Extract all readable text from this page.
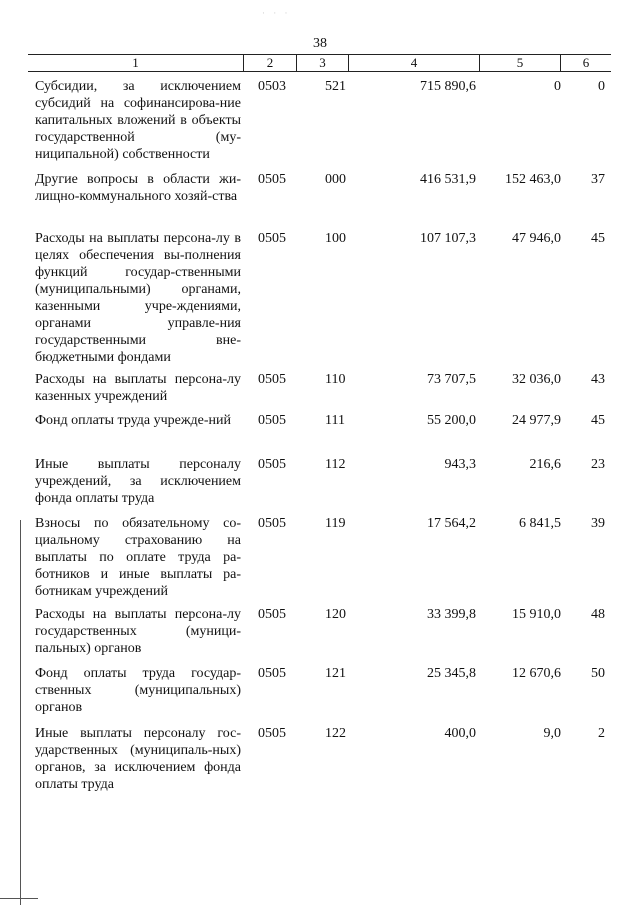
· · ·
38
1	2	3	4	5	6
Субсидии, за исключением субсидий на софинансирова-ние капитальных вложений в объекты государственной (му-ниципальной) собственности
0503	521	715 890,6	0	0
Другие вопросы в области жи-лищно-коммунального хозяй-ства
0505	000	416 531,9	152 463,0	37
Расходы на выплаты персона-лу в целях обеспечения вы-полнения функций государ-ственными (муниципальными) органами, казенными учре-ждениями, органами управле-ния государственными вне-бюджетными фондами
0505	100	107 107,3	47 946,0	45
Расходы на выплаты персона-лу казенных учреждений
0505	110	73 707,5	32 036,0	43
Фонд оплаты труда учрежде-ний	0505	111	55 200,0	24 977,9	45
Иные выплаты персоналу учреждений, за исключением фонда оплаты труда
0505	112	943,3	216,6	23
Взносы по обязательному со-циальному страхованию на выплаты по оплате труда ра-ботников и иные выплаты ра-ботникам учреждений
0505	119	17 564,2	6 841,5	39
Расходы на выплаты персона-лу государственных (муници-пальных) органов
0505	120	33 399,8	15 910,0	48
Фонд оплаты труда государ-ственных (муниципальных) органов
0505	121	25 345,8	12 670,6	50
Иные выплаты персоналу гос-ударственных (муниципаль-ных) органов, за исключением фонда оплаты труда
0505	122	400,0	9,0	2
